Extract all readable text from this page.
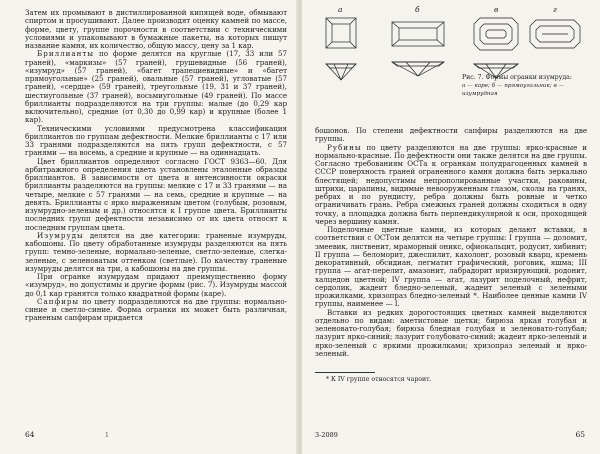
Затем их промывают в дистиллированной кипящей воде, обмывают спиртом и просушивают. Далее производят оценку камней по массе, форме, цвету, группе порочности в соответствии с техническими условиями и упаковывают в бумажные пакеты, на которых пишут название камня, их количество, общую массу, цену за 1 кар.

Бриллианты по форме делятся на круглые (17, 33 или 57 граней), «маркизы» (57 граней), грушевидные (56 граней), «изумруд» (57 граней), «багет трапециевидные» и «багет прямоугольные» (25 граней), овальные (57 граней), угловатые (57 граней), «сердце» (59 граней), треугольные (19, 31 и 37 граней), шестиугольные (37 граней), восьмиугольные (49 граней). По массе бриллианты подразделяются на три группы: малые (до 0,29 кар включительно), средние (от 0,30 до 0,99 кар) и крупные (более 1 кар).

Техническими условиями предусмотрена классификация бриллиантов по группам дефектности. Мелкие бриллианты с 17 или 33 гранями подразделяются на пять групп дефектности, с 57 гранями — на восемь, а средние и крупные — на одиннадцать.

Цвет бриллиантов определяют согласно ГОСТ 9363—60. Для арбитражного определения цвета установлены эталонные образцы бриллиантов. В зависимости от цвета и интенсивности окраски бриллианты разделяются на группы: мелкие с 17 и 33 гранями — на четыре, мелкие с 57 гранями — на семь, средние и крупные — на девять. Бриллианты с ярко выраженным цветом (голубым, розовым, изумрудно-зеленым и др.) относятся к I группе цвета. Бриллианты последних групп дефектности независимо от их цвета относят к последним группам цвета.

Изумруды делятся на две категории: граненые изумруды, кабошоны. По цвету обработанные изумруды разделяются на пять групп: темно-зеленые, нормально-зеленые, светло-зеленые, слегка-зеленые, с зеленоватым оттенком (светлые). По качеству граненые изумруды делятся на три, а кабошоны на две группы.

При огранке изумрудам придают преимущественно форму «изумруд», но допустимы и другие формы (рис. 7). Изумруды массой до 0,1 кар гранятся только квадратной формы (каре).

Сапфиры по цвету подразделяются на две группы: нормально-синие и светло-синие. Форма огранки их может быть различная, граненым сапфирам придается

64	1
а	б	в	г
Рис. 7. Формы огранки изумруда:
а — каре; б — прямоугольник; в — изумрудная

бошонов. По степени дефектности сапфиры разделяются на две группы.

Рубины по цвету разделяются на две группы: ярко-красные и нормально-красные. По дефектности они также делятся на две группы. Согласно требованиям ОСТа к огранкам полудрагоценных камней в СССР поверхность граней ограненного камня должна быть зеркально блестящей; недопустимы непрополированные участки, раковины, штрихи, царапины, видимые невооруженным глазом, сколы на гранях, ребрах и по рундисту, ребра должны быть ровные и четко ограничивать грань. Ребра смежных граней должны сходиться в одну точку, а площадка должна быть перпендикулярной к оси, проходящей через вершину камня.

Поделочные цветные камни, из которых делают вставки, в соответствии с ОСТом делятся на четыре группы: I группа — доломит, змеевик, лиственит, мраморный оникс, офиокальцит, родусит, хибинит; II группа — беломорит, джеспилит, кахолонг, розовый кварц, кремень декоративный, обсидиан, пегматит графический, роговик, яшма; III группа — агат-перелит, амазонит, лабрадорит иризирующий, родонит, халцедон цветной; IV группа — агат, лазурит поделочный, нефрит, сердолик, жадеит бледно-зеленый, жадеит зеленый с зелеными прожилками, хризопраз бледно-зеленый *. Наиболее ценные камни IV группы, наименее — I.

Вставки из редких дорогостоящих цветных камней выделяются отдельно по видам: аметистовые щетки; бирюза яркая голубая и зеленовато-голубая; бирюза бледная голубая и зеленовато-голубая; лазурит ярко-синий; лазурит голубовато-синий; жадеит ярко-зеленый и ярко-зеленый с яркими прожилками; хризопраз зеленый и ярко-зеленый.

* К IV группе относятся чароит.
3-2089	65
